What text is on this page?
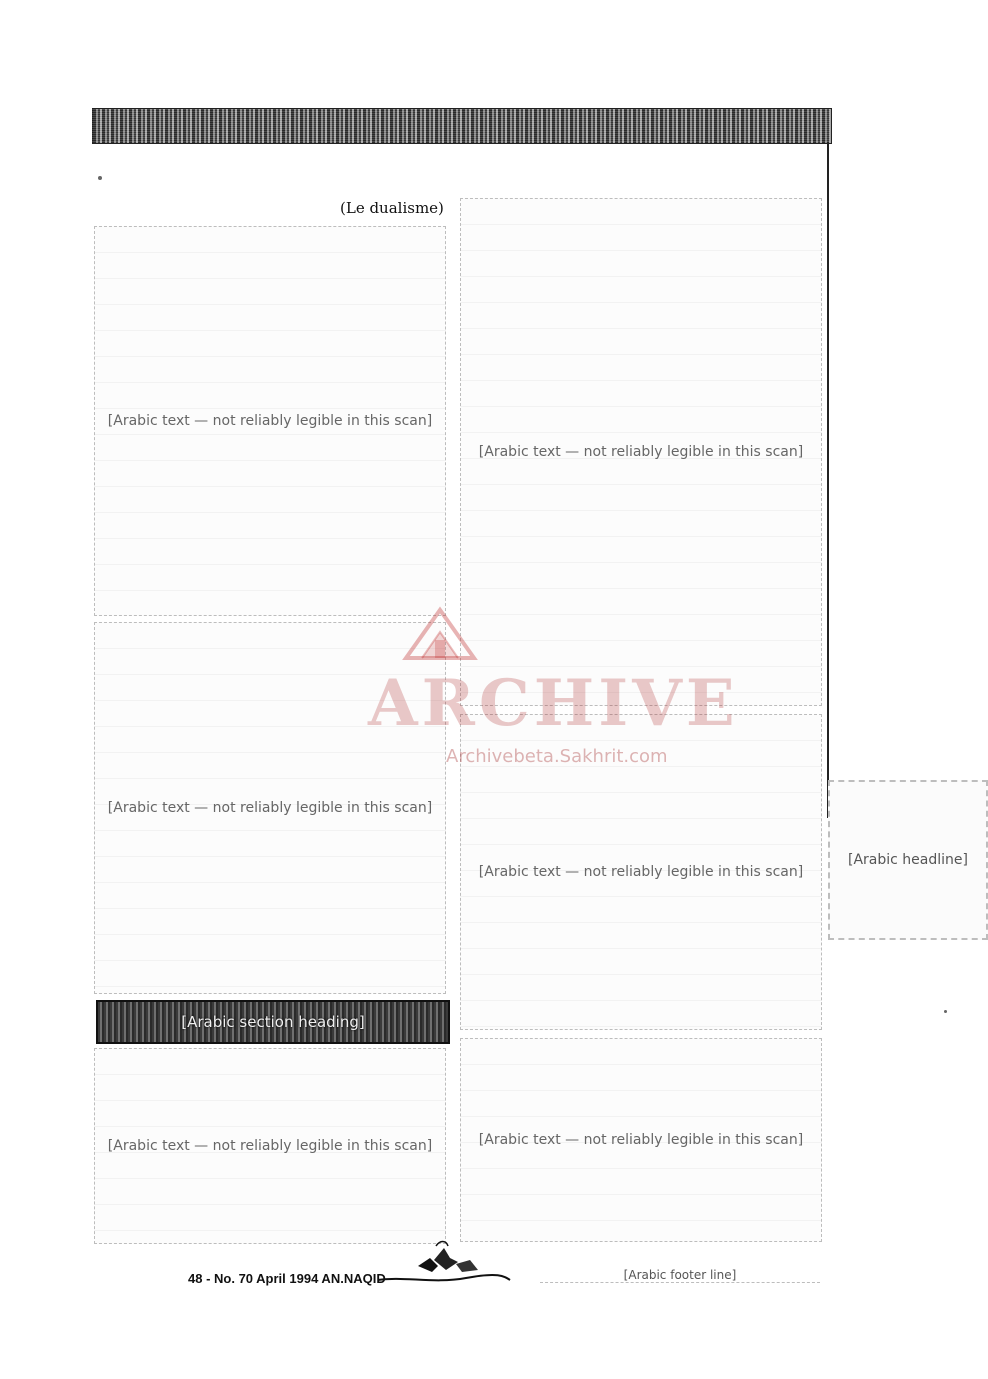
[Arabic text — not reliably legible in this scan]
[Arabic text — not reliably legible in this scan]
(Le dualisme)
[Arabic section heading]
[Arabic text — not reliably legible in this scan]
[Arabic text — not reliably legible in this scan]
[Arabic text — not reliably legible in this scan]
[Arabic text — not reliably legible in this scan]
[Arabic headline]
ARCHIVE
Archivebeta.Sakhrit.com
48 - No. 70 April 1994 AN.NAQID	[Arabic footer line]
